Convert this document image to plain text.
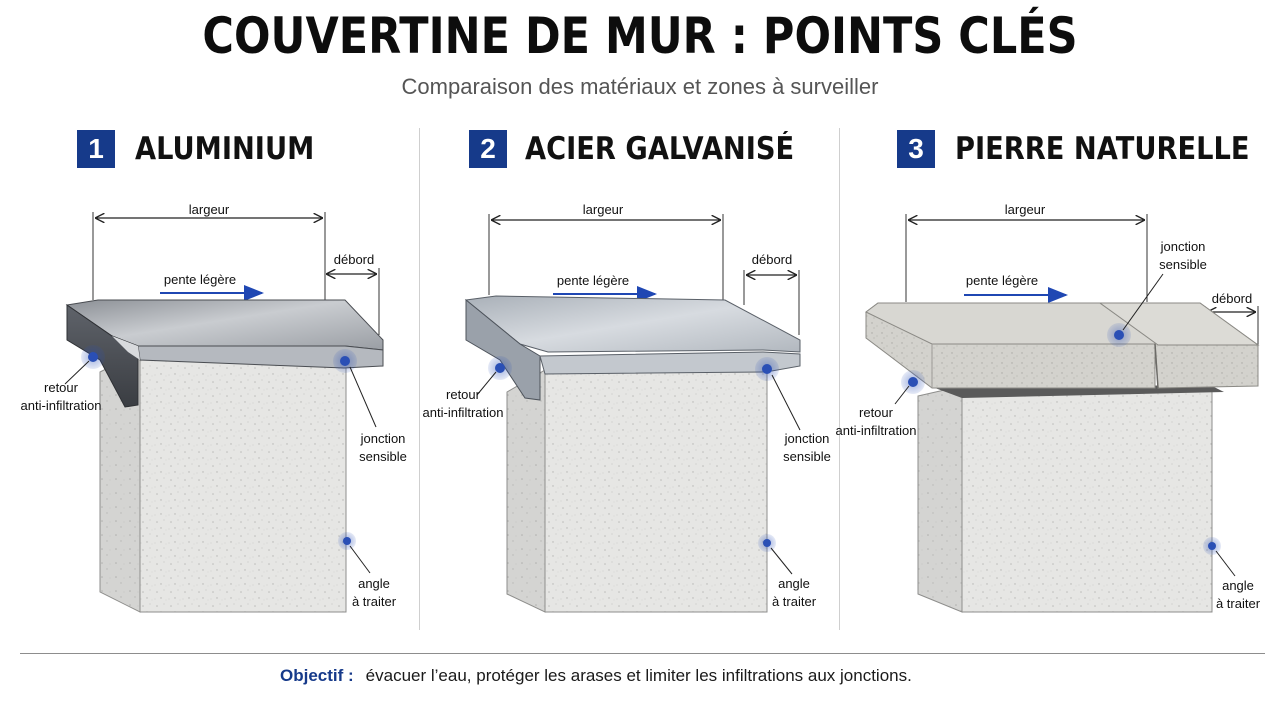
COUVERTINE DE MUR : POINTS CLÉS
Comparaison des matériaux et zones à surveiller
1	ALUMINIUM	2 ACIER GALVANISÉ	3	PIERRE NATURELLE
largeur
débord
pente légère
retour
anti-infiltration
jonction
sensible
angle
à traiter
largeur
débord
pente légère
retour
anti-infiltration
jonction
sensible
angle
à traiter
largeur
débord
pente légère
retour
anti-infiltration
jonction
sensible
angle
à traiter
Objectif : évacuer l’eau, protéger les arases et limiter les infiltrations aux jonctions.
